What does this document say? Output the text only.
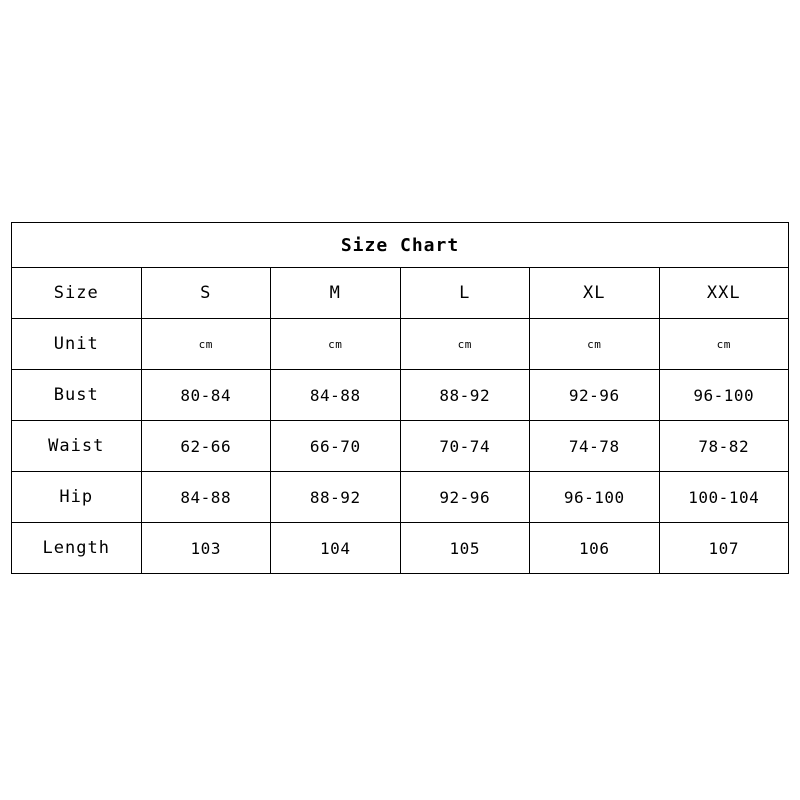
Size Chart					
Size	S	M	L	XL	XXL
Unit	cm	cm	cm	cm	cm
Bust	80-84	84-88	88-92	92-96	96-100
Waist	62-66	66-70	70-74	74-78	78-82
Hip	84-88	88-92	92-96	96-100	100-104
Length	103	104	105	106	107
